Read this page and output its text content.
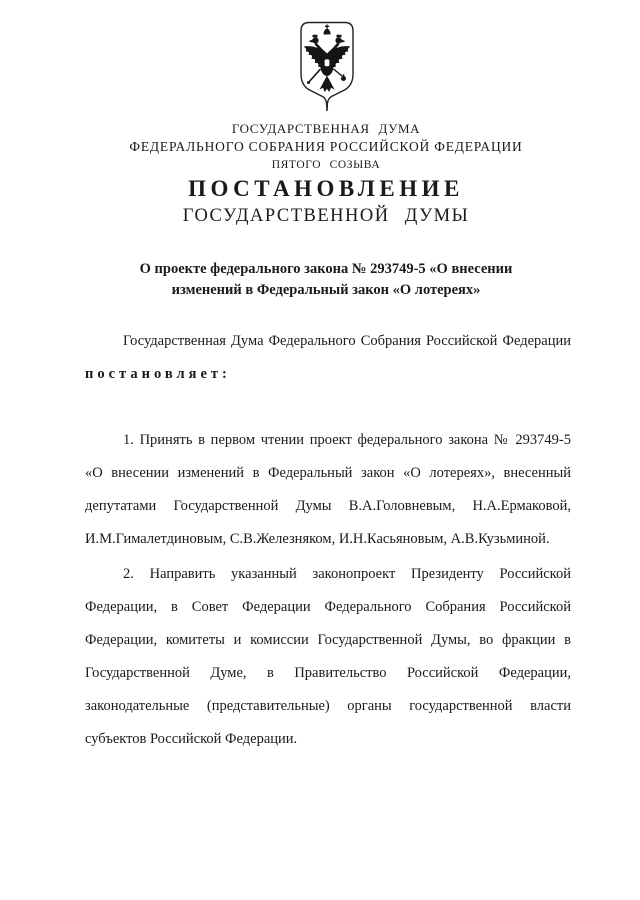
ГОСУДАРСТВЕННАЯ ДУМА
ФЕДЕРАЛЬНОГО СОБРАНИЯ РОССИЙСКОЙ ФЕДЕРАЦИИ
ПЯТОГО СОЗЫВА
ПОСТАНОВЛЕНИЕ
ГОСУДАРСТВЕННОЙ ДУМЫ
О проекте федерального закона № 293749-5 «О внесении
изменений в Федеральный закон «О лотереях»

Государственная Дума Федерального Собрания Российской Федерации постановляет:

1. Принять в первом чтении проект федерального закона № 293749-5 «О внесении изменений в Федеральный закон «О лотереях», внесенный депутатами Государственной Думы В.А.Головневым, Н.А.Ермаковой, И.М.Гималетдиновым, С.В.Железняком, И.Н.Касьяновым, А.В.Кузьминой.

2. Направить указанный законопроект Президенту Российской Федерации, в Совет Федерации Федерального Собрания Российской Федерации, комитеты и комиссии Государственной Думы, во фракции в Государственной Думе, в Правительство Российской Федерации, законодательные (представительные) органы государственной власти субъектов Российской Федерации.
